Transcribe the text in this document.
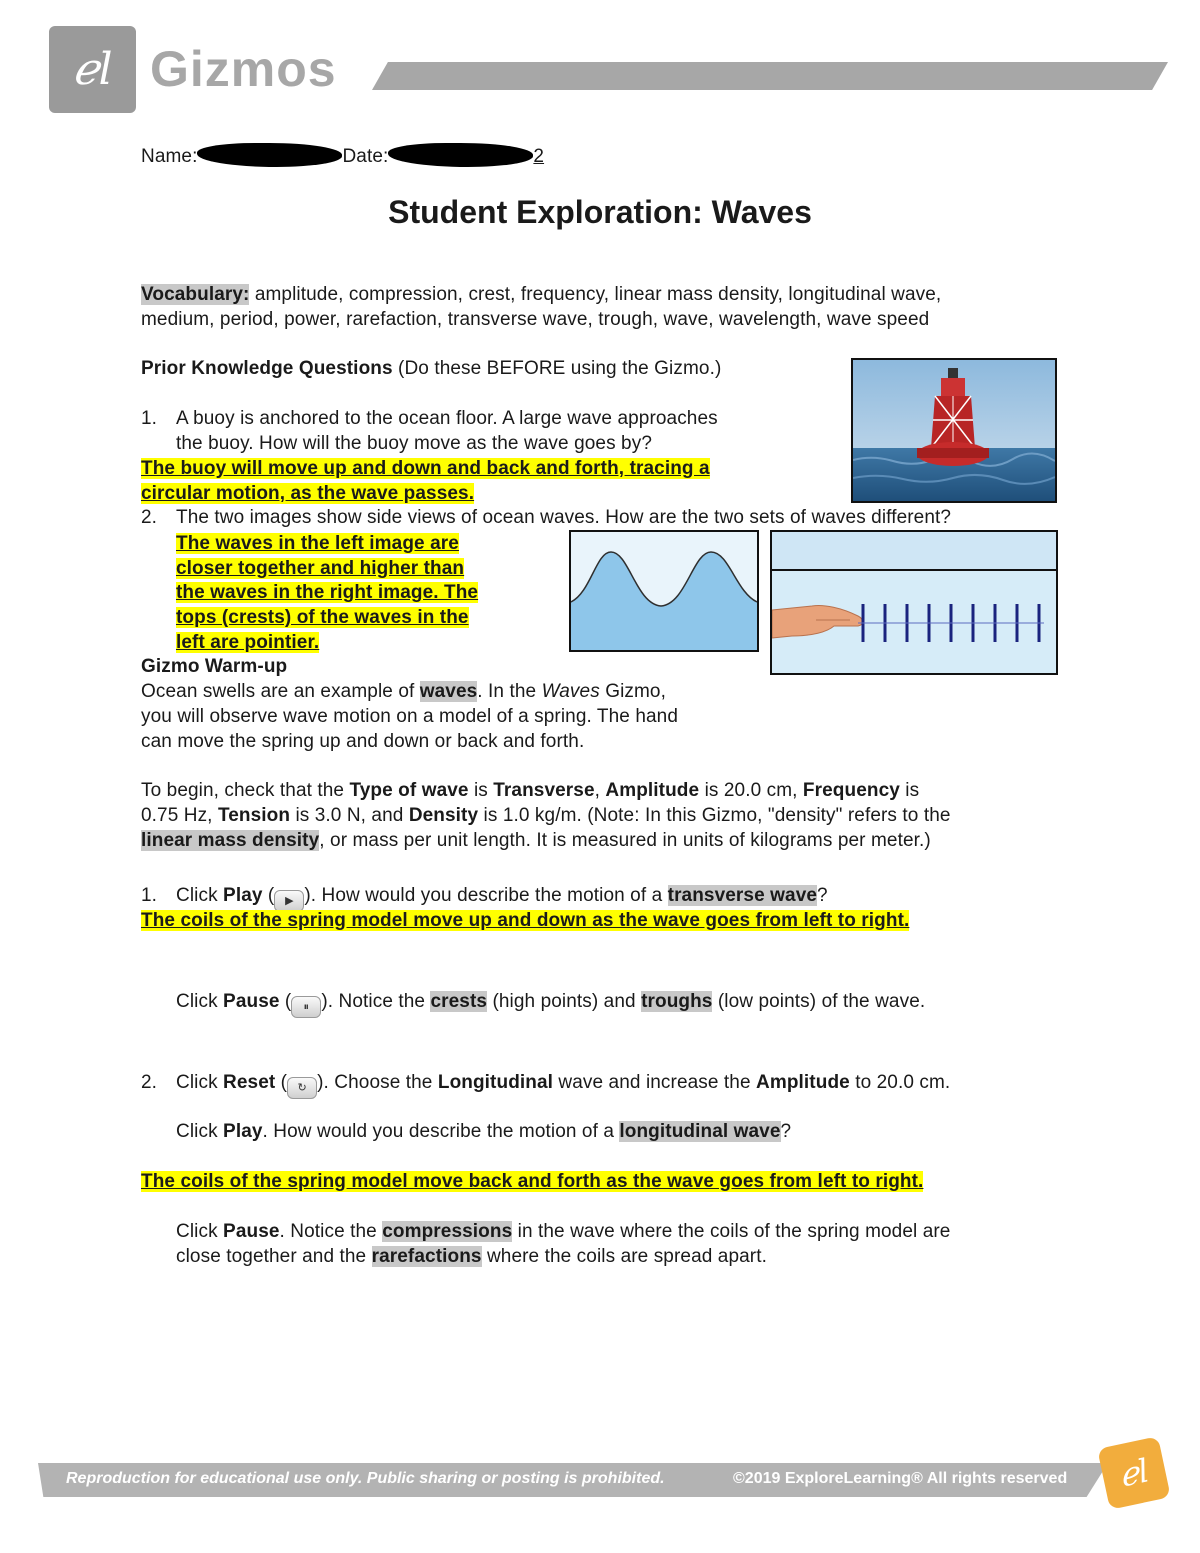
ℯl Gizmos
Name:	Date:	2
Student Exploration: Waves
Vocabulary: amplitude, compression, crest, frequency, linear mass density, longitudinal wave,
medium, period, power, rarefaction, transverse wave, trough, wave, wavelength, wave speed
Prior Knowledge Questions (Do these BEFORE using the Gizmo.)
1. A buoy is anchored to the ocean floor. A large wave approaches
the buoy. How will the buoy move as the wave goes by?
The buoy will move up and down and back and forth, tracing a
circular motion, as the wave passes.
2. The two images show side views of ocean waves. How are the two sets of waves different?
The waves in the left image are
closer together and higher than
the waves in the right image. The
tops (crests) of the waves in the
left are pointier.
Gizmo Warm-up
Ocean swells are an example of waves. In the Waves Gizmo,
you will observe wave motion on a model of a spring. The hand
can move the spring up and down or back and forth.
To begin, check that the Type of wave is Transverse, Amplitude is 20.0 cm, Frequency is
0.75 Hz, Tension is 3.0 N, and Density is 1.0 kg/m. (Note: In this Gizmo, "density" refers to the
linear mass density, or mass per unit length. It is measured in units of kilograms per meter.)
1. Click Play ( ▶ ). How would you describe the motion of a transverse wave?
The coils of the spring model move up and down as the wave goes from left to right.
Click Pause ( ⏸ ). Notice the crests (high points) and troughs (low points) of the wave.
2. Click Reset ( ↻ ). Choose the Longitudinal wave and increase the Amplitude to 20.0 cm.
Click Play. How would you describe the motion of a longitudinal wave?
The coils of the spring model move back and forth as the wave goes from left to right.
Click Pause. Notice the compressions in the wave where the coils of the spring model are
close together and the rarefactions where the coils are spread apart.
Reproduction for educational use only. Public sharing or posting is prohibited.	©2019 ExploreLearning® All rights reserved	ℯl
